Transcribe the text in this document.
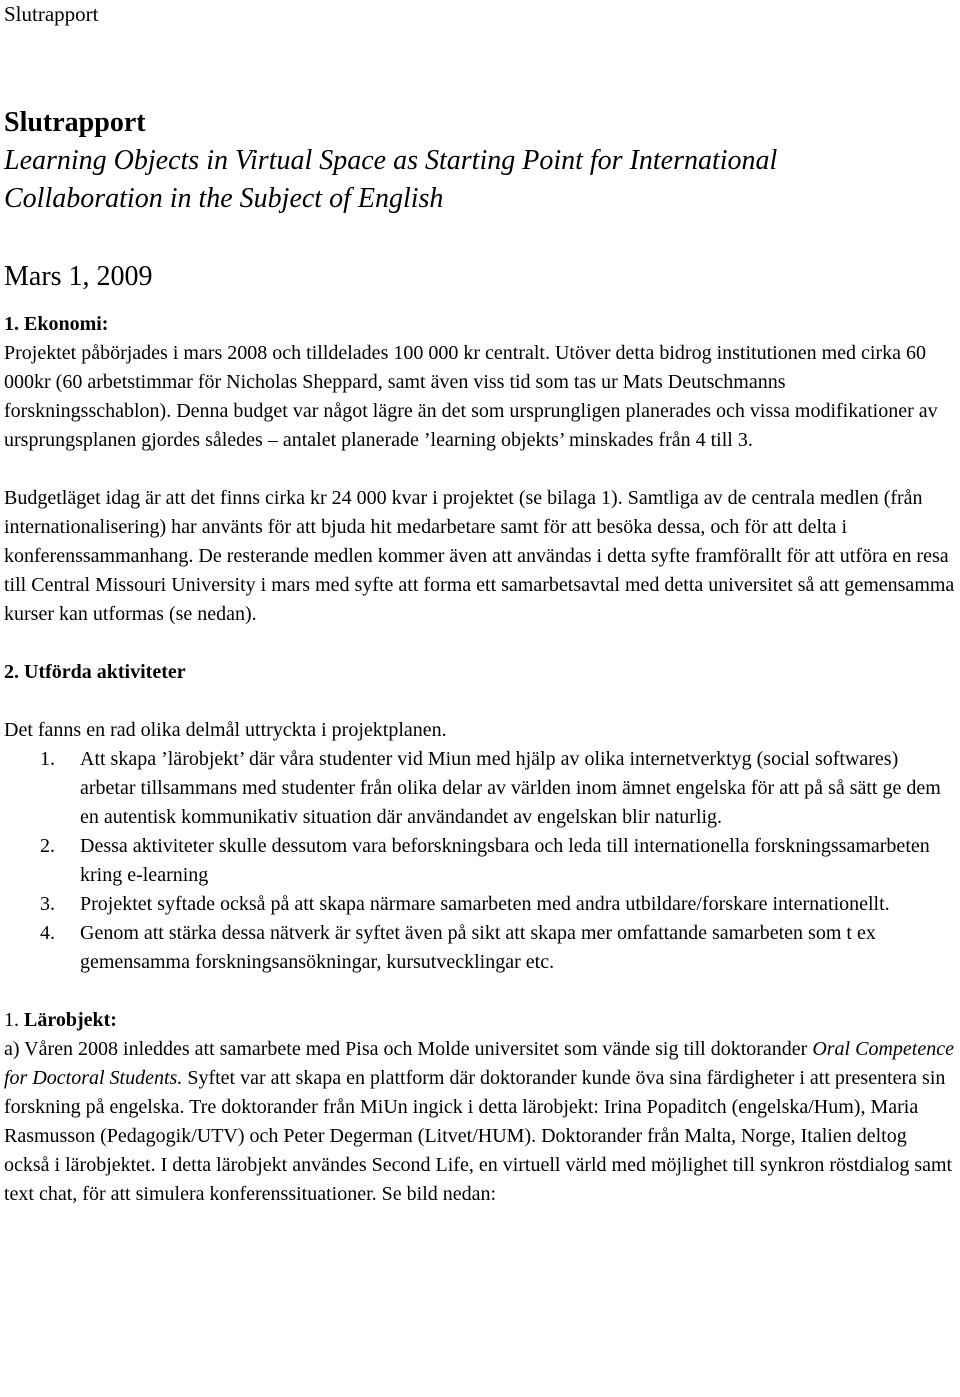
Slutrapport

Slutrapport

Learning Objects in Virtual Space as Starting Point for International

Collaboration in the Subject of English

Mars 1, 2009

1. Ekonomi:

Projektet påbörjades i mars 2008 och tilldelades 100 000 kr centralt. Utöver detta bidrog institutionen med cirka 60 000kr (60 arbetstimmar för Nicholas Sheppard, samt även viss tid som tas ur Mats Deutschmanns forskningsschablon). Denna budget var något lägre än det som ursprungligen planerades och vissa modifikationer av ursprungsplanen gjordes således – antalet planerade ’learning objekts’ minskades från 4 till 3.

Budgetläget idag är att det finns cirka kr 24 000 kvar i projektet (se bilaga 1). Samtliga av de centrala medlen (från internationalisering) har använts för att bjuda hit medarbetare samt för att besöka dessa, och för att delta i konferenssammanhang. De resterande medlen kommer även att användas i detta syfte framförallt för att utföra en resa till Central Missouri University i mars med syfte att forma ett samarbetsavtal med detta universitet så att gemensamma kurser kan utformas (se nedan).

2. Utförda aktiviteter

Det fanns en rad olika delmål uttryckta i projektplanen.

1. Att skapa ’lärobjekt’ där våra studenter vid Miun med hjälp av olika internetverktyg (social softwares) arbetar tillsammans med studenter från olika delar av världen inom ämnet engelska för att på så sätt ge dem en autentisk kommunikativ situation där användandet av engelskan blir naturlig.
2. Dessa aktiviteter skulle dessutom vara beforskningsbara och leda till internationella forskningssamarbeten kring e-learning
3. Projektet syftade också på att skapa närmare samarbeten med andra utbildare/forskare internationellt.
4. Genom att stärka dessa nätverk är syftet även på sikt att skapa mer omfattande samarbeten som t ex gemensamma forskningsansökningar, kursutvecklingar etc.

1. Lärobjekt:

a) Våren 2008 inleddes att samarbete med Pisa och Molde universitet som vände sig till doktorander Oral Competence for Doctoral Students. Syftet var att skapa en plattform där doktorander kunde öva sina färdigheter i att presentera sin forskning på engelska. Tre doktorander från MiUn ingick i detta lärobjekt: Irina Popaditch (engelska/Hum), Maria Rasmusson (Pedagogik/UTV) och Peter Degerman (Litvet/HUM). Doktorander från Malta, Norge, Italien deltog också i lärobjektet. I detta lärobjekt användes Second Life, en virtuell värld med möjlighet till synkron röstdialog samt text chat, för att simulera konferenssituationer. Se bild nedan:
